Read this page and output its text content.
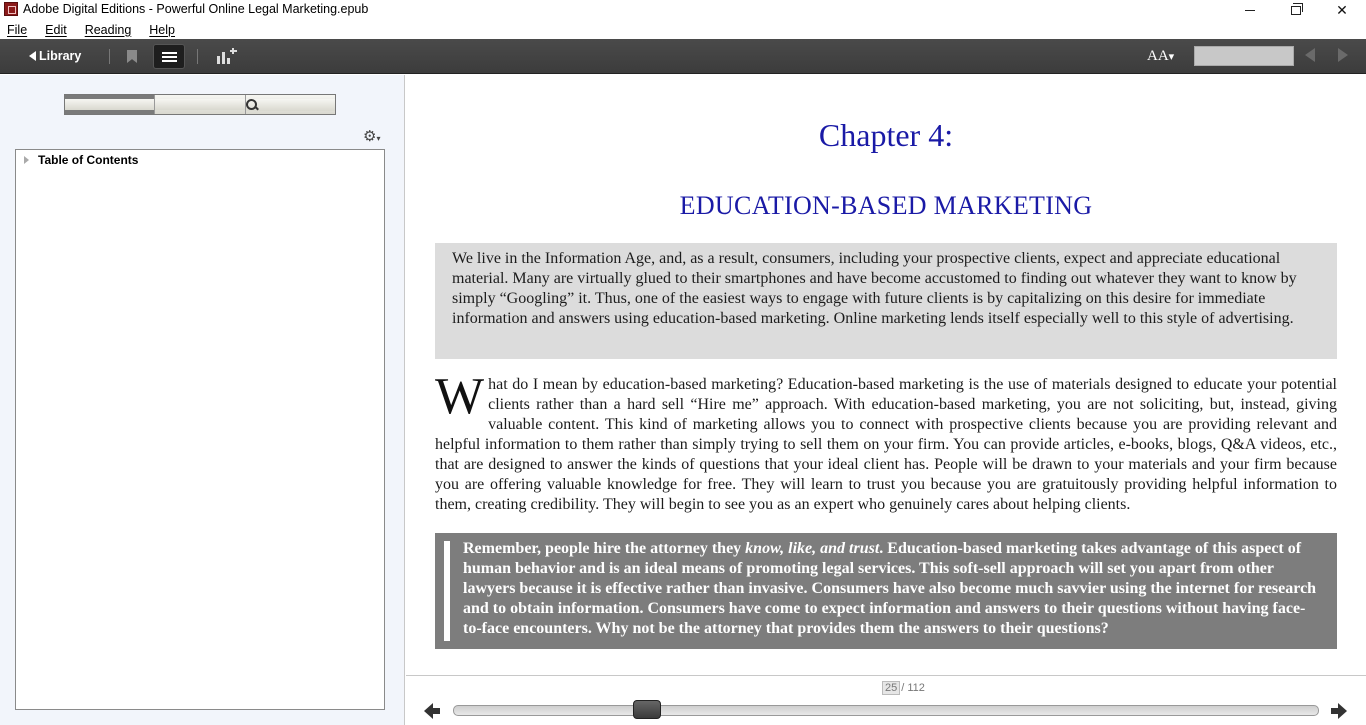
Adobe Digital Editions - Powerful Online Legal Marketing.epub	✕
File Edit Reading Help
Library	AA▾
⚙▾
Table of Contents
Chapter 4:
EDUCATION-BASED MARKETING
We live in the Information Age, and, as a result, consumers, including your prospective clients, expect and appreciate educational material. Many are virtually glued to their smartphones and have become accustomed to finding out whatever they want to know by simply “Googling” it. Thus, one of the easiest ways to engage with future clients is by capitalizing on this desire for immediate information and answers using education-based marketing. Online marketing lends itself especially well to this style of advertising.
What do I mean by education-based marketing? Education-based marketing is the use of materials designed to educate your potential clients rather than a hard sell “Hire me” approach. With education-based marketing, you are not soliciting, but, instead, giving valuable content. This kind of marketing allows you to connect with prospective clients because you are providing relevant and helpful information to them rather than simply trying to sell them on your firm. You can provide articles, e-books, blogs, Q&A videos, etc., that are designed to answer the kinds of questions that your ideal client has. People will be drawn to your materials and your firm because you are offering valuable knowledge for free. They will learn to trust you because you are gratuitously providing helpful information to them, creating credibility. They will begin to see you as an expert who genuinely cares about helping clients.
Remember, people hire the attorney they know, like, and trust. Education-based marketing takes advantage of this aspect of human behavior and is an ideal means of promoting legal services. This soft-sell approach will set you apart from other lawyers because it is effective rather than invasive. Consumers have also become much savvier using the internet for research and to obtain information. Consumers have come to expect information and answers to their questions without having face-to-face encounters. Why not be the attorney that provides them the answers to their questions?
25 /
112
